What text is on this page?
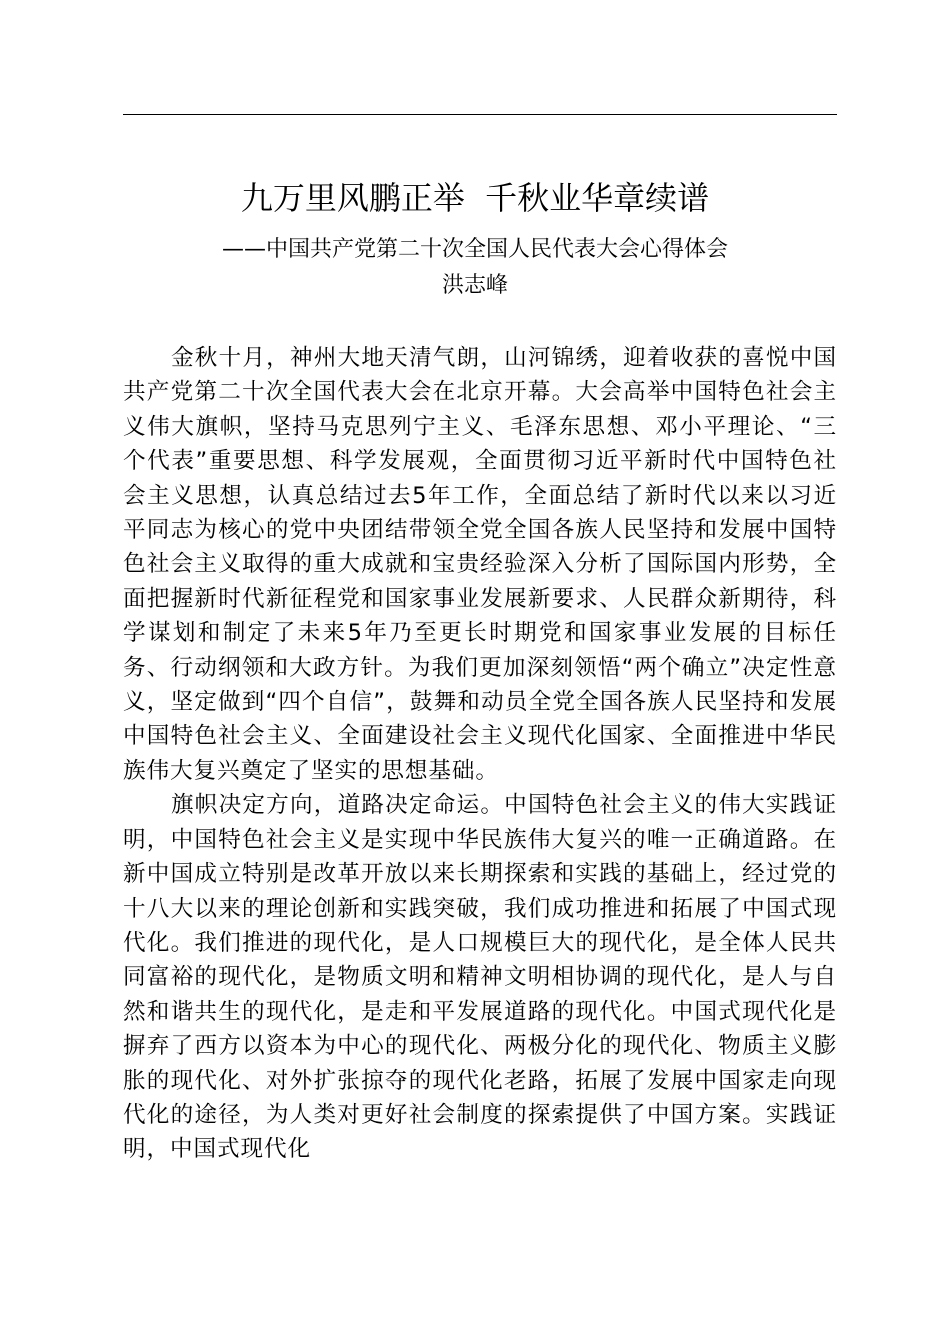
九万里风鹏正举  千秋业华章续谱
——中国共产党第二十次全国人民代表大会心得体会
洪志峰

金秋十月，神州大地天清气朗，山河锦绣，迎着收获的喜悦中国共产党第二十次全国代表大会在北京开幕。大会高举中国特色社会主义伟大旗帜，坚持马克思列宁主义、毛泽东思想、邓小平理论、“三个代表”重要思想、科学发展观，全面贯彻习近平新时代中国特色社会主义思想，认真总结过去5年工作，全面总结了新时代以来以习近平同志为核心的党中央团结带领全党全国各族人民坚持和发展中国特色社会主义取得的重大成就和宝贵经验深入分析了国际国内形势，全面把握新时代新征程党和国家事业发展新要求、人民群众新期待，科学谋划和制定了未来5年乃至更长时期党和国家事业发展的目标任务、行动纲领和大政方针。为我们更加深刻领悟“两个确立”决定性意义，坚定做到“四个自信”，鼓舞和动员全党全国各族人民坚持和发展中国特色社会主义、全面建设社会主义现代化国家、全面推进中华民族伟大复兴奠定了坚实的思想基础。

旗帜决定方向，道路决定命运。中国特色社会主义的伟大实践证明，中国特色社会主义是实现中华民族伟大复兴的唯一正确道路。在新中国成立特别是改革开放以来长期探索和实践的基础上，经过党的十八大以来的理论创新和实践突破，我们成功推进和拓展了中国式现代化。我们推进的现代化，是人口规模巨大的现代化，是全体人民共同富裕的现代化，是物质文明和精神文明相协调的现代化，是人与自然和谐共生的现代化，是走和平发展道路的现代化。中国式现代化是摒弃了西方以资本为中心的现代化、两极分化的现代化、物质主义膨胀的现代化、对外扩张掠夺的现代化老路，拓展了发展中国家走向现代化的途径，为人类对更好社会制度的探索提供了中国方案。实践证明，中国式现代化
